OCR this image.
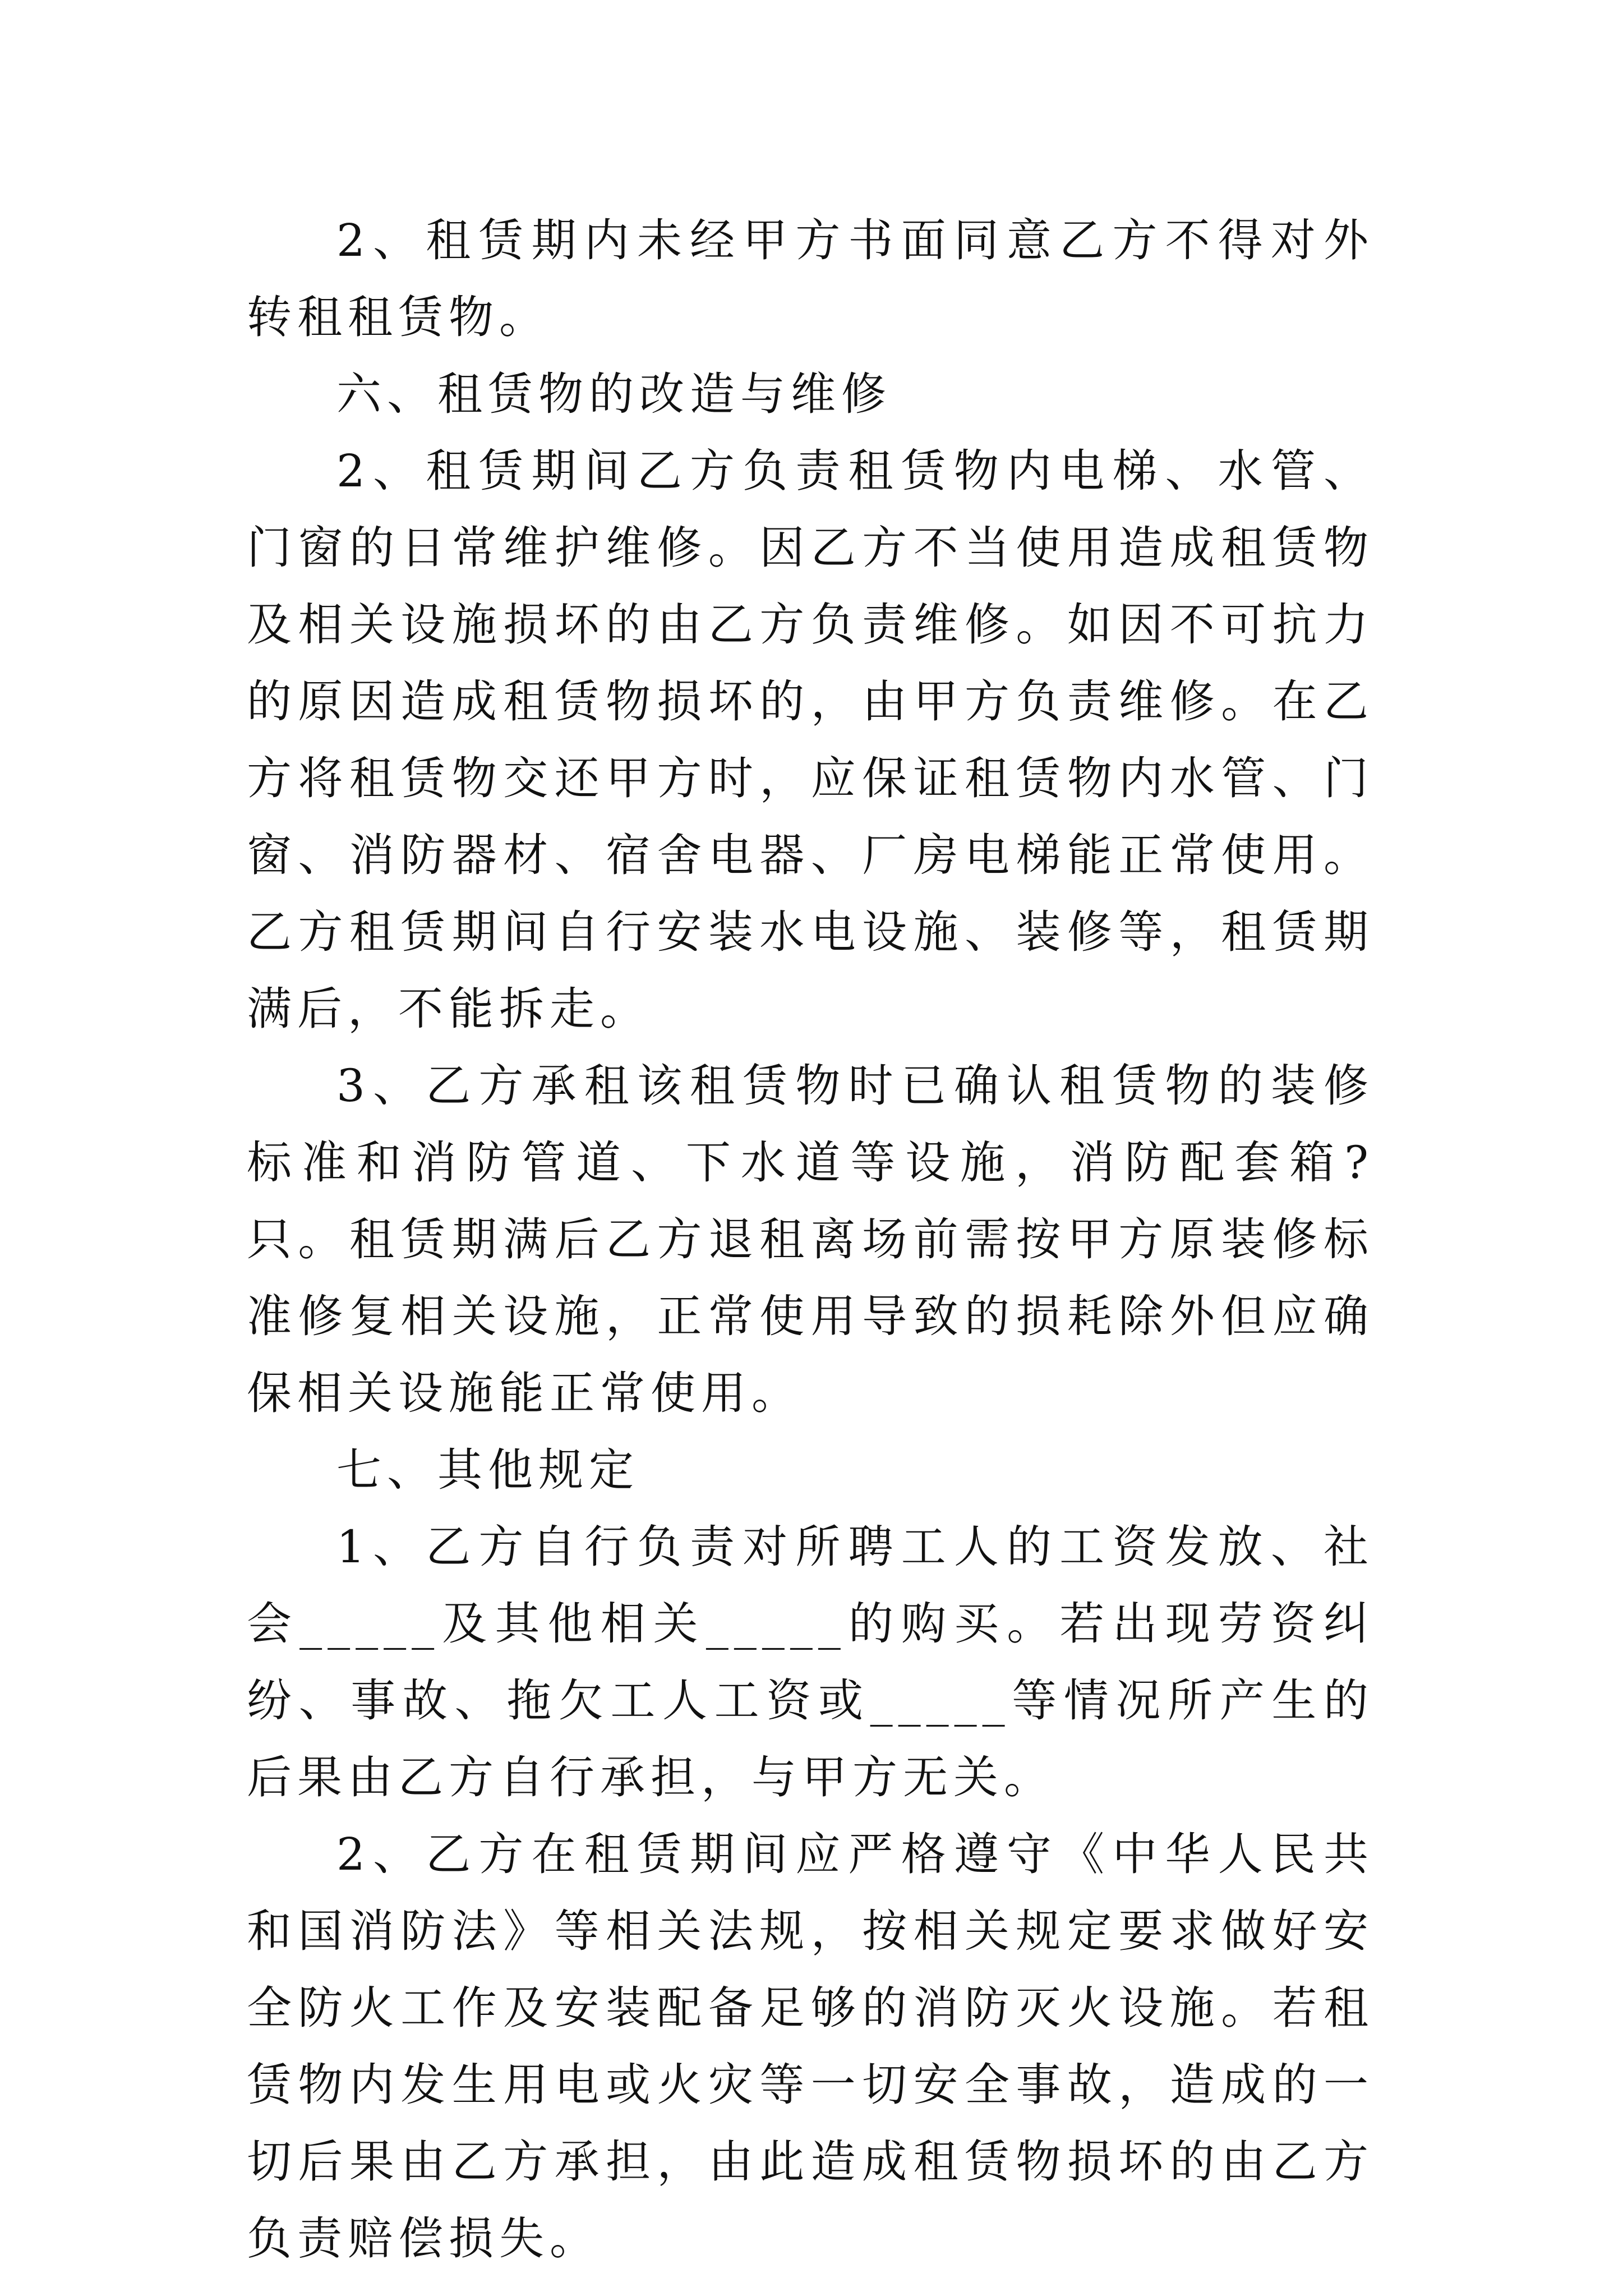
2、租赁期内未经甲方书面同意乙方不得对外转租租赁物。

六、租赁物的改造与维修

2、租赁期间乙方负责租赁物内电梯、水管、门窗的日常维护维修。因乙方不当使用造成租赁物及相关设施损坏的由乙方负责维修。如因不可抗力的原因造成租赁物损坏的，由甲方负责维修。在乙方将租赁物交还甲方时，应保证租赁物内水管、门窗、消防器材、宿舍电器、厂房电梯能正常使用。乙方租赁期间自行安装水电设施、装修等，租赁期满后，不能拆走。

3、乙方承租该租赁物时已确认租赁物的装修标准和消防管道、下水道等设施，消防配套箱?只。租赁期满后乙方退租离场前需按甲方原装修标准修复相关设施，正常使用导致的损耗除外但应确保相关设施能正常使用。

七、其他规定

1、乙方自行负责对所聘工人的工资发放、社会_____及其他相关_____的购买。若出现劳资纠纷、事故、拖欠工人工资或_____等情况所产生的后果由乙方自行承担，与甲方无关。

2、乙方在租赁期间应严格遵守《中华人民共和国消防法》等相关法规，按相关规定要求做好安全防火工作及安装配备足够的消防灭火设施。若租赁物内发生用电或火灾等一切安全事故，造成的一切后果由乙方承担，由此造成租赁物损坏的由乙方负责赔偿损失。
